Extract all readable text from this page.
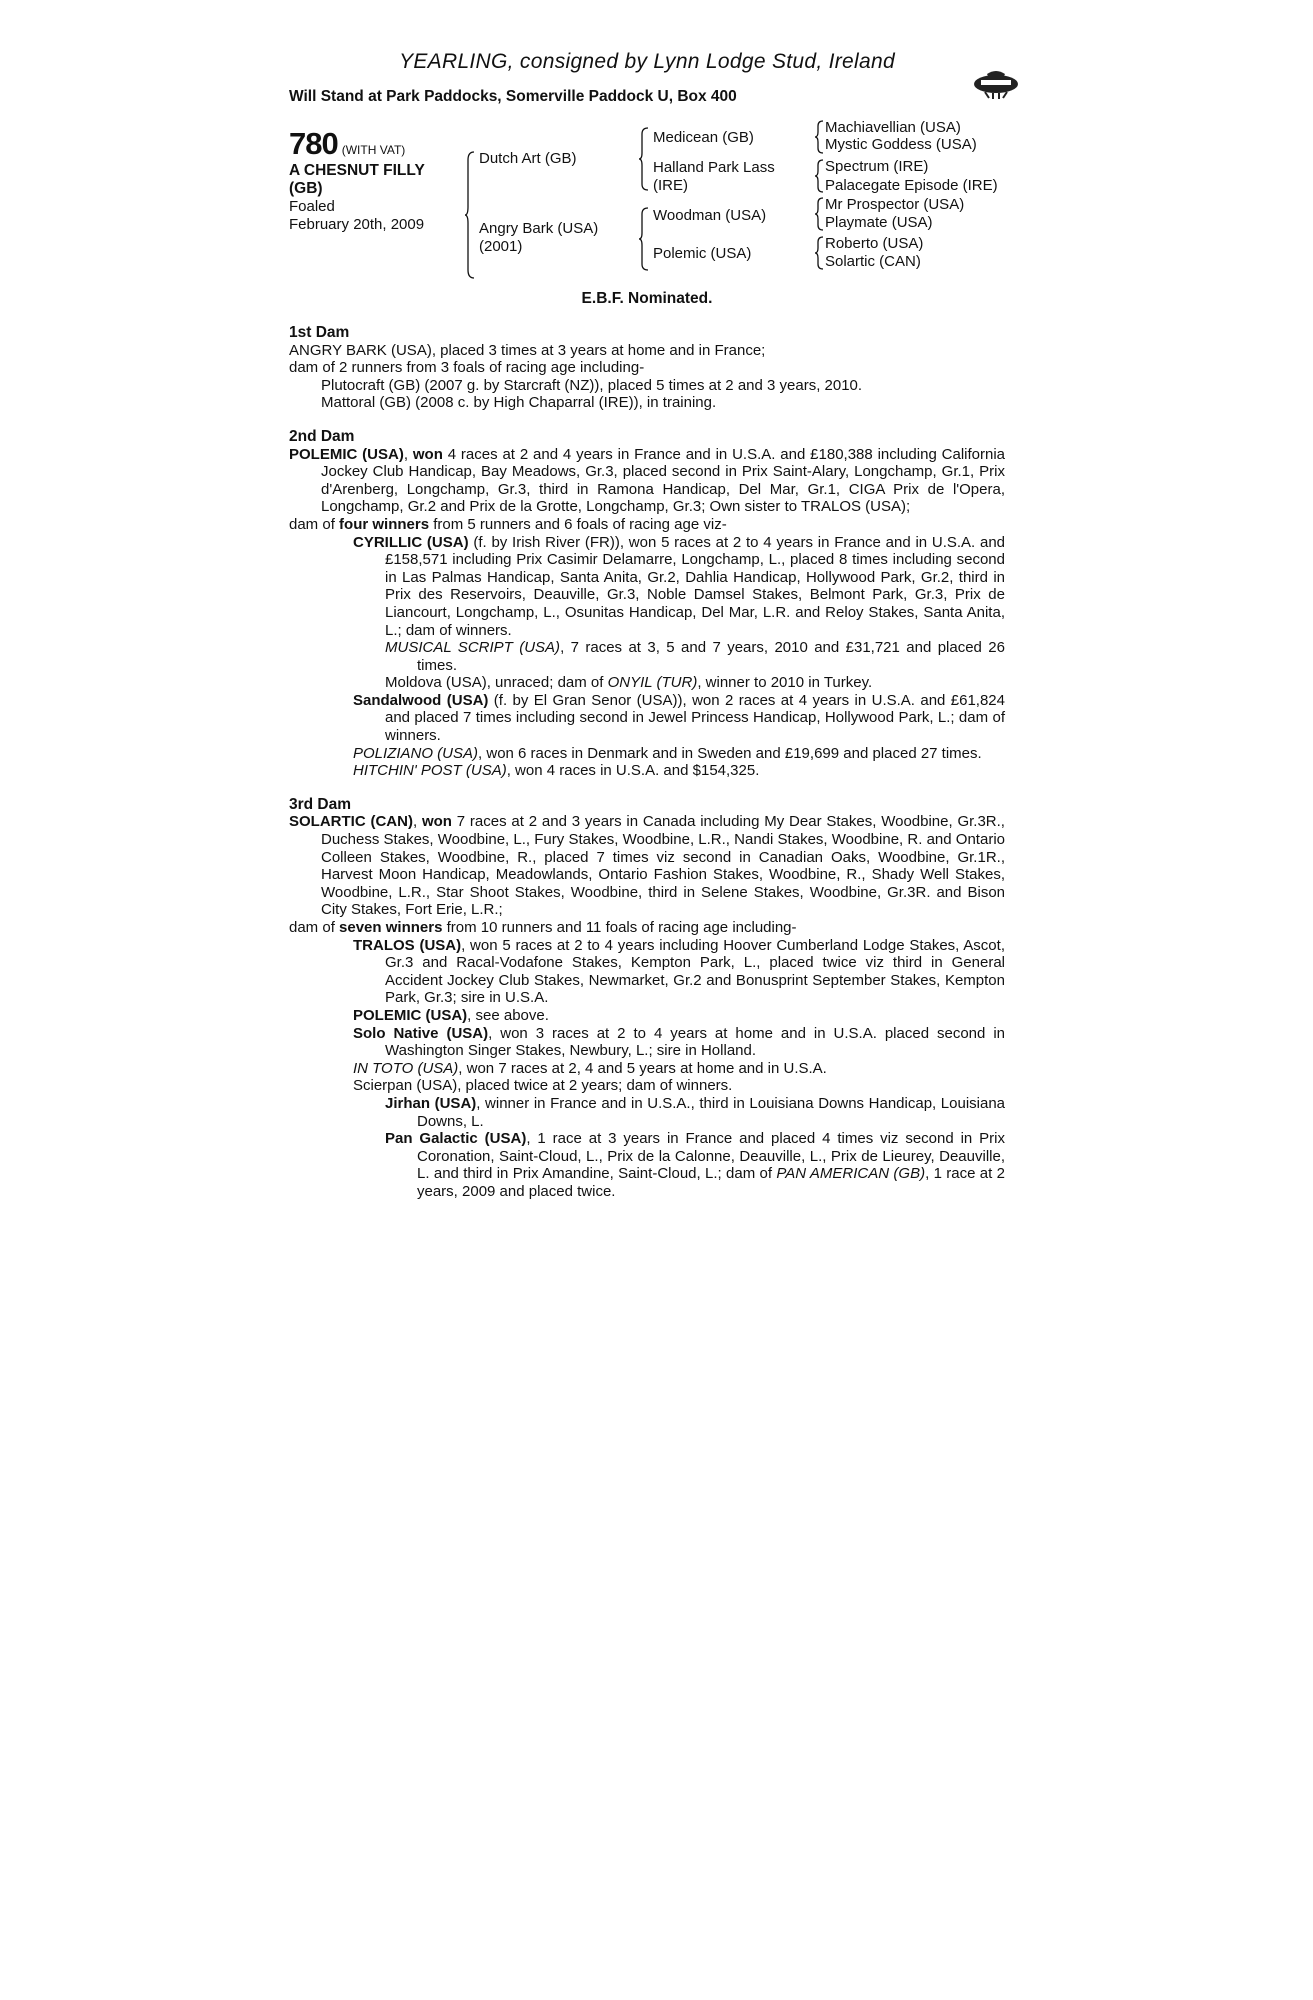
YEARLING, consigned by Lynn Lodge Stud, Ireland
Will Stand at Park Paddocks, Somerville Paddock U, Box 400
780 (WITH VAT)
A CHESNUT FILLY
(GB)
Foaled
February 20th, 2009
Dutch Art (GB)
Angry Bark (USA)
(2001)
Medicean (GB)
Halland Park Lass
(IRE)
Woodman (USA)
Polemic (USA)
Machiavellian (USA)
Mystic Goddess (USA)
Spectrum (IRE)
Palacegate Episode (IRE)
Mr Prospector (USA)
Playmate (USA)
Roberto (USA)
Solartic (CAN)
E.B.F. Nominated.
1st Dam
ANGRY BARK (USA), placed 3 times at 3 years at home and in France;
dam of 2 runners from 3 foals of racing age including-
Plutocraft (GB) (2007 g. by Starcraft (NZ)), placed 5 times at 2 and 3 years, 2010.
Mattoral (GB) (2008 c. by High Chaparral (IRE)), in training.
2nd Dam
POLEMIC (USA), won 4 races at 2 and 4 years in France and in U.S.A. and £180,388 including California Jockey Club Handicap, Bay Meadows, Gr.3, placed second in Prix Saint-Alary, Longchamp, Gr.1, Prix d'Arenberg, Longchamp, Gr.3, third in Ramona Handicap, Del Mar, Gr.1, CIGA Prix de l'Opera, Longchamp, Gr.2 and Prix de la Grotte, Longchamp, Gr.3; Own sister to TRALOS (USA);
dam of four winners from 5 runners and 6 foals of racing age viz-
CYRILLIC (USA) (f. by Irish River (FR)), won 5 races at 2 to 4 years in France and in U.S.A. and £158,571 including Prix Casimir Delamarre, Longchamp, L., placed 8 times including second in Las Palmas Handicap, Santa Anita, Gr.2, Dahlia Handicap, Hollywood Park, Gr.2, third in Prix des Reservoirs, Deauville, Gr.3, Noble Damsel Stakes, Belmont Park, Gr.3, Prix de Liancourt, Longchamp, L., Osunitas Handicap, Del Mar, L.R. and Reloy Stakes, Santa Anita, L.; dam of winners.
MUSICAL SCRIPT (USA), 7 races at 3, 5 and 7 years, 2010 and £31,721 and placed 26 times.
Moldova (USA), unraced; dam of ONYIL (TUR), winner to 2010 in Turkey.
Sandalwood (USA) (f. by El Gran Senor (USA)), won 2 races at 4 years in U.S.A. and £61,824 and placed 7 times including second in Jewel Princess Handicap, Hollywood Park, L.; dam of winners.
POLIZIANO (USA), won 6 races in Denmark and in Sweden and £19,699 and placed 27 times.
HITCHIN' POST (USA), won 4 races in U.S.A. and $154,325.
3rd Dam
SOLARTIC (CAN), won 7 races at 2 and 3 years in Canada including My Dear Stakes, Woodbine, Gr.3R., Duchess Stakes, Woodbine, L., Fury Stakes, Woodbine, L.R., Nandi Stakes, Woodbine, R. and Ontario Colleen Stakes, Woodbine, R., placed 7 times viz second in Canadian Oaks, Woodbine, Gr.1R., Harvest Moon Handicap, Meadowlands, Ontario Fashion Stakes, Woodbine, R., Shady Well Stakes, Woodbine, L.R., Star Shoot Stakes, Woodbine, third in Selene Stakes, Woodbine, Gr.3R. and Bison City Stakes, Fort Erie, L.R.;
dam of seven winners from 10 runners and 11 foals of racing age including-
TRALOS (USA), won 5 races at 2 to 4 years including Hoover Cumberland Lodge Stakes, Ascot, Gr.3 and Racal-Vodafone Stakes, Kempton Park, L., placed twice viz third in General Accident Jockey Club Stakes, Newmarket, Gr.2 and Bonusprint September Stakes, Kempton Park, Gr.3; sire in U.S.A.
POLEMIC (USA), see above.
Solo Native (USA), won 3 races at 2 to 4 years at home and in U.S.A. placed second in Washington Singer Stakes, Newbury, L.; sire in Holland.
IN TOTO (USA), won 7 races at 2, 4 and 5 years at home and in U.S.A.
Scierpan (USA), placed twice at 2 years; dam of winners.
Jirhan (USA), winner in France and in U.S.A., third in Louisiana Downs Handicap, Louisiana Downs, L.
Pan Galactic (USA), 1 race at 3 years in France and placed 4 times viz second in Prix Coronation, Saint-Cloud, L., Prix de la Calonne, Deauville, L., Prix de Lieurey, Deauville, L. and third in Prix Amandine, Saint-Cloud, L.; dam of PAN AMERICAN (GB), 1 race at 2 years, 2009 and placed twice.
